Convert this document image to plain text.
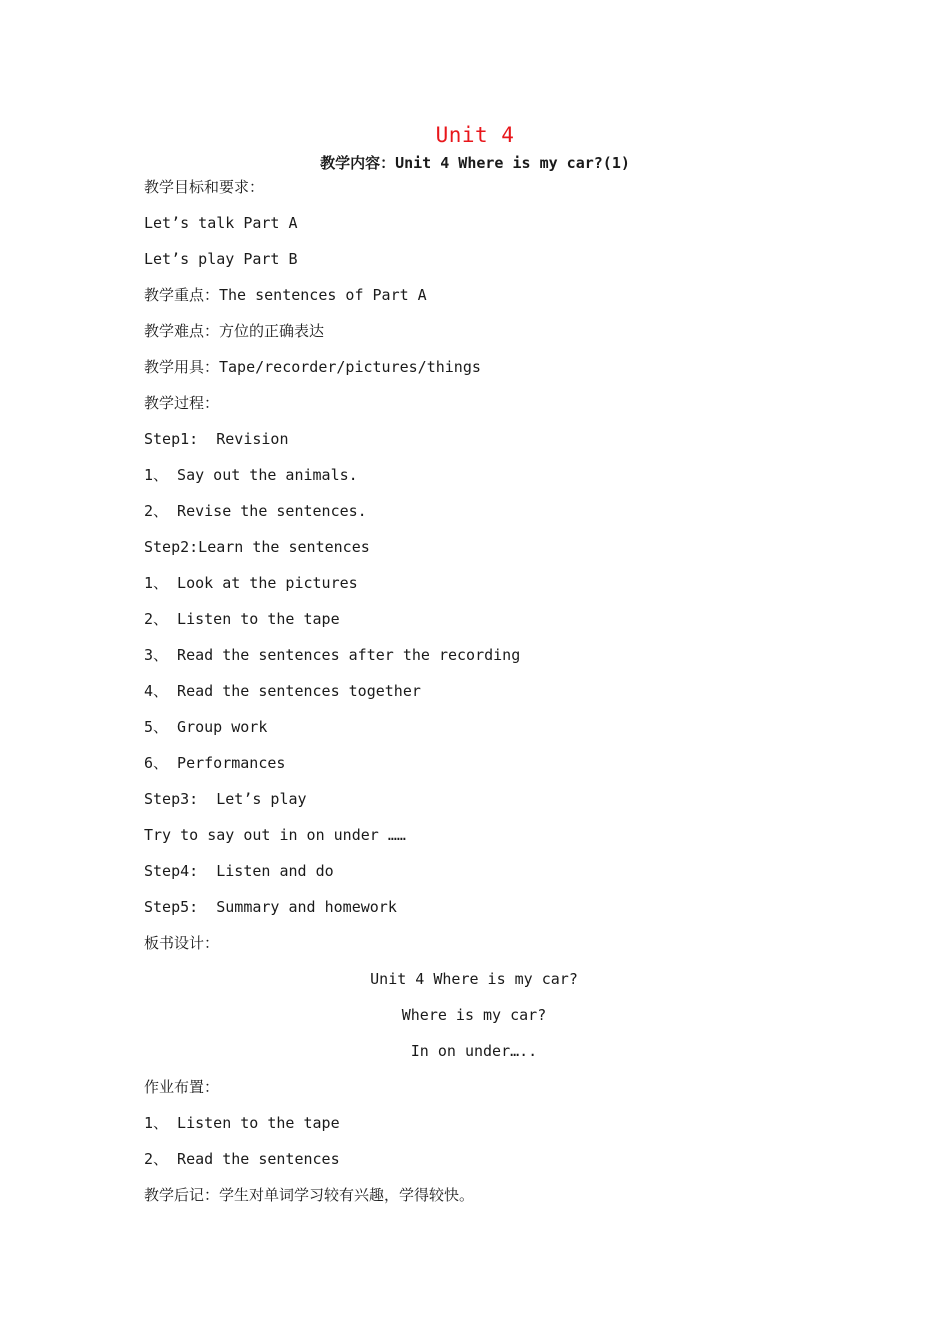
Unit 4
教学内容：Unit 4 Where is my car?(1)
教学目标和要求：
Let’s talk Part A
Let’s play Part B
教学重点：The sentences of Part A
教学难点：方位的正确表达
教学用具：Tape/recorder/pictures/things
教学过程：
Step1:  Revision
1、 Say out the animals.
2、 Revise the sentences.
Step2:Learn the sentences
1、 Look at the pictures
2、 Listen to the tape
3、 Read the sentences after the recording
4、 Read the sentences together
5、 Group work
6、 Performances
Step3:  Let’s play
Try to say out in on under ……
Step4:  Listen and do
Step5:  Summary and homework
板书设计：
Unit 4 Where is my car?
Where is my car?
In on under…..
作业布置：
1、 Listen to the tape
2、 Read the sentences
教学后记：学生对单词学习较有兴趣，学得较快。
